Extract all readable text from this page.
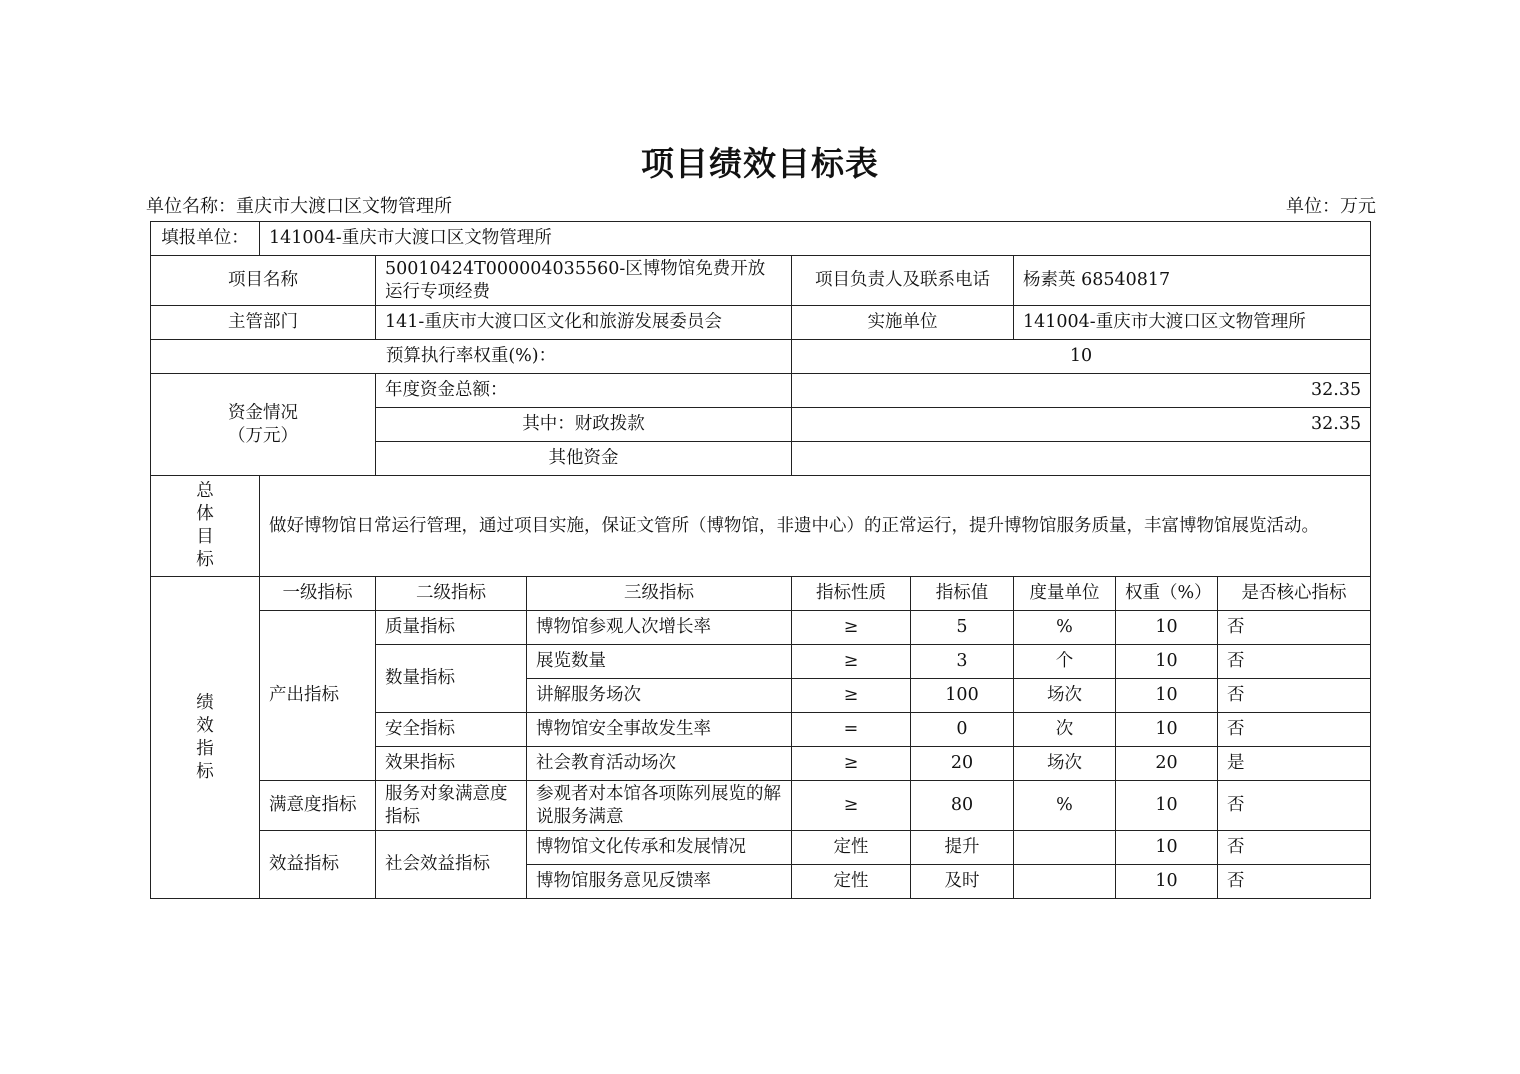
项目绩效目标表
单位名称：重庆市大渡口区文物管理所	单位：万元
填报单位：	141004-重庆市大渡口区文物管理所							
项目名称		50010424T000004035560-区博物馆免费开放运行专项经费		项目负责人及联系电话		杨素英 68540817		
主管部门		141-重庆市大渡口区文化和旅游发展委员会		实施单位		141004-重庆市大渡口区文物管理所		
预算执行率权重(%)：				10				

资金情况
（万元）		年度资金总额：		32.35				
		其中：财政拨款		32.35				
		其他资金						

总
体
目
标	做好博物馆日常运行管理，通过项目实施，保证文管所（博物馆，非遗中心）的正常运行，提升博物馆服务质量，丰富博物馆展览活动。							

绩
效
指
标	一级指标	二级指标	三级指标	指标性质	指标值	度量单位	权重（%）	是否核心指标
	产出指标	质量指标	博物馆参观人次增长率	≥	5	%	10	否
		数量指标	展览数量	≥	3	个	10	否
			讲解服务场次	≥	100	场次	10	否
		安全指标	博物馆安全事故发生率	=	0	次	10	否
		效果指标	社会教育活动场次	≥	20	场次	20	是
	满意度指标	服务对象满意度指标	参观者对本馆各项陈列展览的解说服务满意	≥	80	%	10	否
	效益指标	社会效益指标	博物馆文化传承和发展情况	定性	提升		10	否
			博物馆服务意见反馈率	定性	及时		10	否
